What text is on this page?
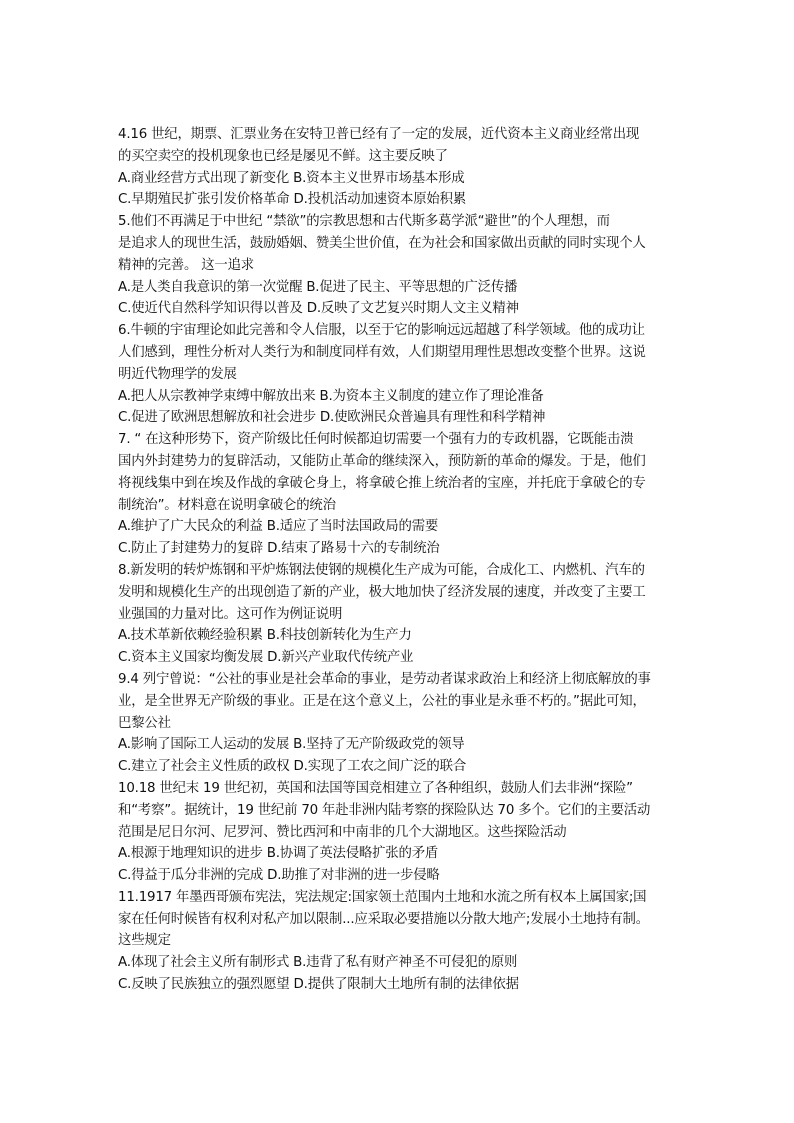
4.16 世纪，期票、汇票业务在安特卫普已经有了一定的发展，近代资本主义商业经常出现
的买空卖空的投机现象也已经是屡见不鲜。这主要反映了
A.商业经营方式出现了新变化 B.资本主义世界市场基本形成
C.早期殖民扩张引发价格革命 D.投机活动加速资本原始积累
5.他们不再满足于中世纪 “禁欲”的宗教思想和古代斯多葛学派“避世”的个人理想，而
是追求人的现世生活，鼓励婚姻、赞美尘世价值，在为社会和国家做出贡献的同时实现个人
精神的完善。 这一追求
A.是人类自我意识的第一次觉醒 B.促进了民主、平等思想的广泛传播
C.使近代自然科学知识得以普及 D.反映了文艺复兴时期人文主义精神
6.牛顿的宇宙理论如此完善和令人信服，以至于它的影响远远超越了科学领域。他的成功让
人们感到，理性分析对人类行为和制度同样有效，人们期望用理性思想改变整个世界。这说
明近代物理学的发展
A.把人从宗教神学束缚中解放出来 B.为资本主义制度的建立作了理论准备
C.促进了欧洲思想解放和社会进步 D.使欧洲民众普遍具有理性和科学精神
7. “ 在这种形势下，资产阶级比任何时候都迫切需要一个强有力的专政机器，它既能击溃
国内外封建势力的复辟活动，又能防止革命的继续深入，预防新的革命的爆发。于是，他们
将视线集中到在埃及作战的拿破仑身上，将拿破仑推上统治者的宝座，并托庇于拿破仑的专
制统治”。材料意在说明拿破仑的统治
A.维护了广大民众的利益 B.适应了当时法国政局的需要
C.防止了封建势力的复辟 D.结束了路易十六的专制统治
8.新发明的转炉炼钢和平炉炼钢法使钢的规模化生产成为可能，合成化工、内燃机、汽车的
发明和规模化生产的出现创造了新的产业，极大地加快了经济发展的速度，并改变了主要工
业强国的力量对比。这可作为例证说明
A.技术革新依赖经验积累 B.科技创新转化为生产力
C.资本主义国家均衡发展 D.新兴产业取代传统产业
9.4 列宁曾说：“公社的事业是社会革命的事业，是劳动者谋求政治上和经济上彻底解放的事
业，是全世界无产阶级的事业。正是在这个意义上，公社的事业是永垂不朽的。”据此可知，
巴黎公社
A.影响了国际工人运动的发展 B.坚持了无产阶级政党的领导
C.建立了社会主义性质的政权 D.实现了工农之间广泛的联合
10.18 世纪末 19 世纪初，英国和法国等国竞相建立了各种组织，鼓励人们去非洲“探险”
和“考察”。据统计，19 世纪前 70 年赴非洲内陆考察的探险队达 70 多个。它们的主要活动
范围是尼日尔河、尼罗河、赞比西河和中南非的几个大湖地区。这些探险活动
A.根源于地理知识的进步 B.协调了英法侵略扩张的矛盾
C.得益于瓜分非洲的完成 D.助推了对非洲的进一步侵略
11.1917 年墨西哥颁布宪法，宪法规定:国家领土范围内土地和水流之所有权本上属国家;国
家在任何时候皆有权利对私产加以限制...应采取必要措施以分散大地产;发展小土地持有制。
这些规定
A.体现了社会主义所有制形式 B.违背了私有财产神圣不可侵犯的原则
C.反映了民族独立的强烈愿望 D.提供了限制大土地所有制的法律依据
